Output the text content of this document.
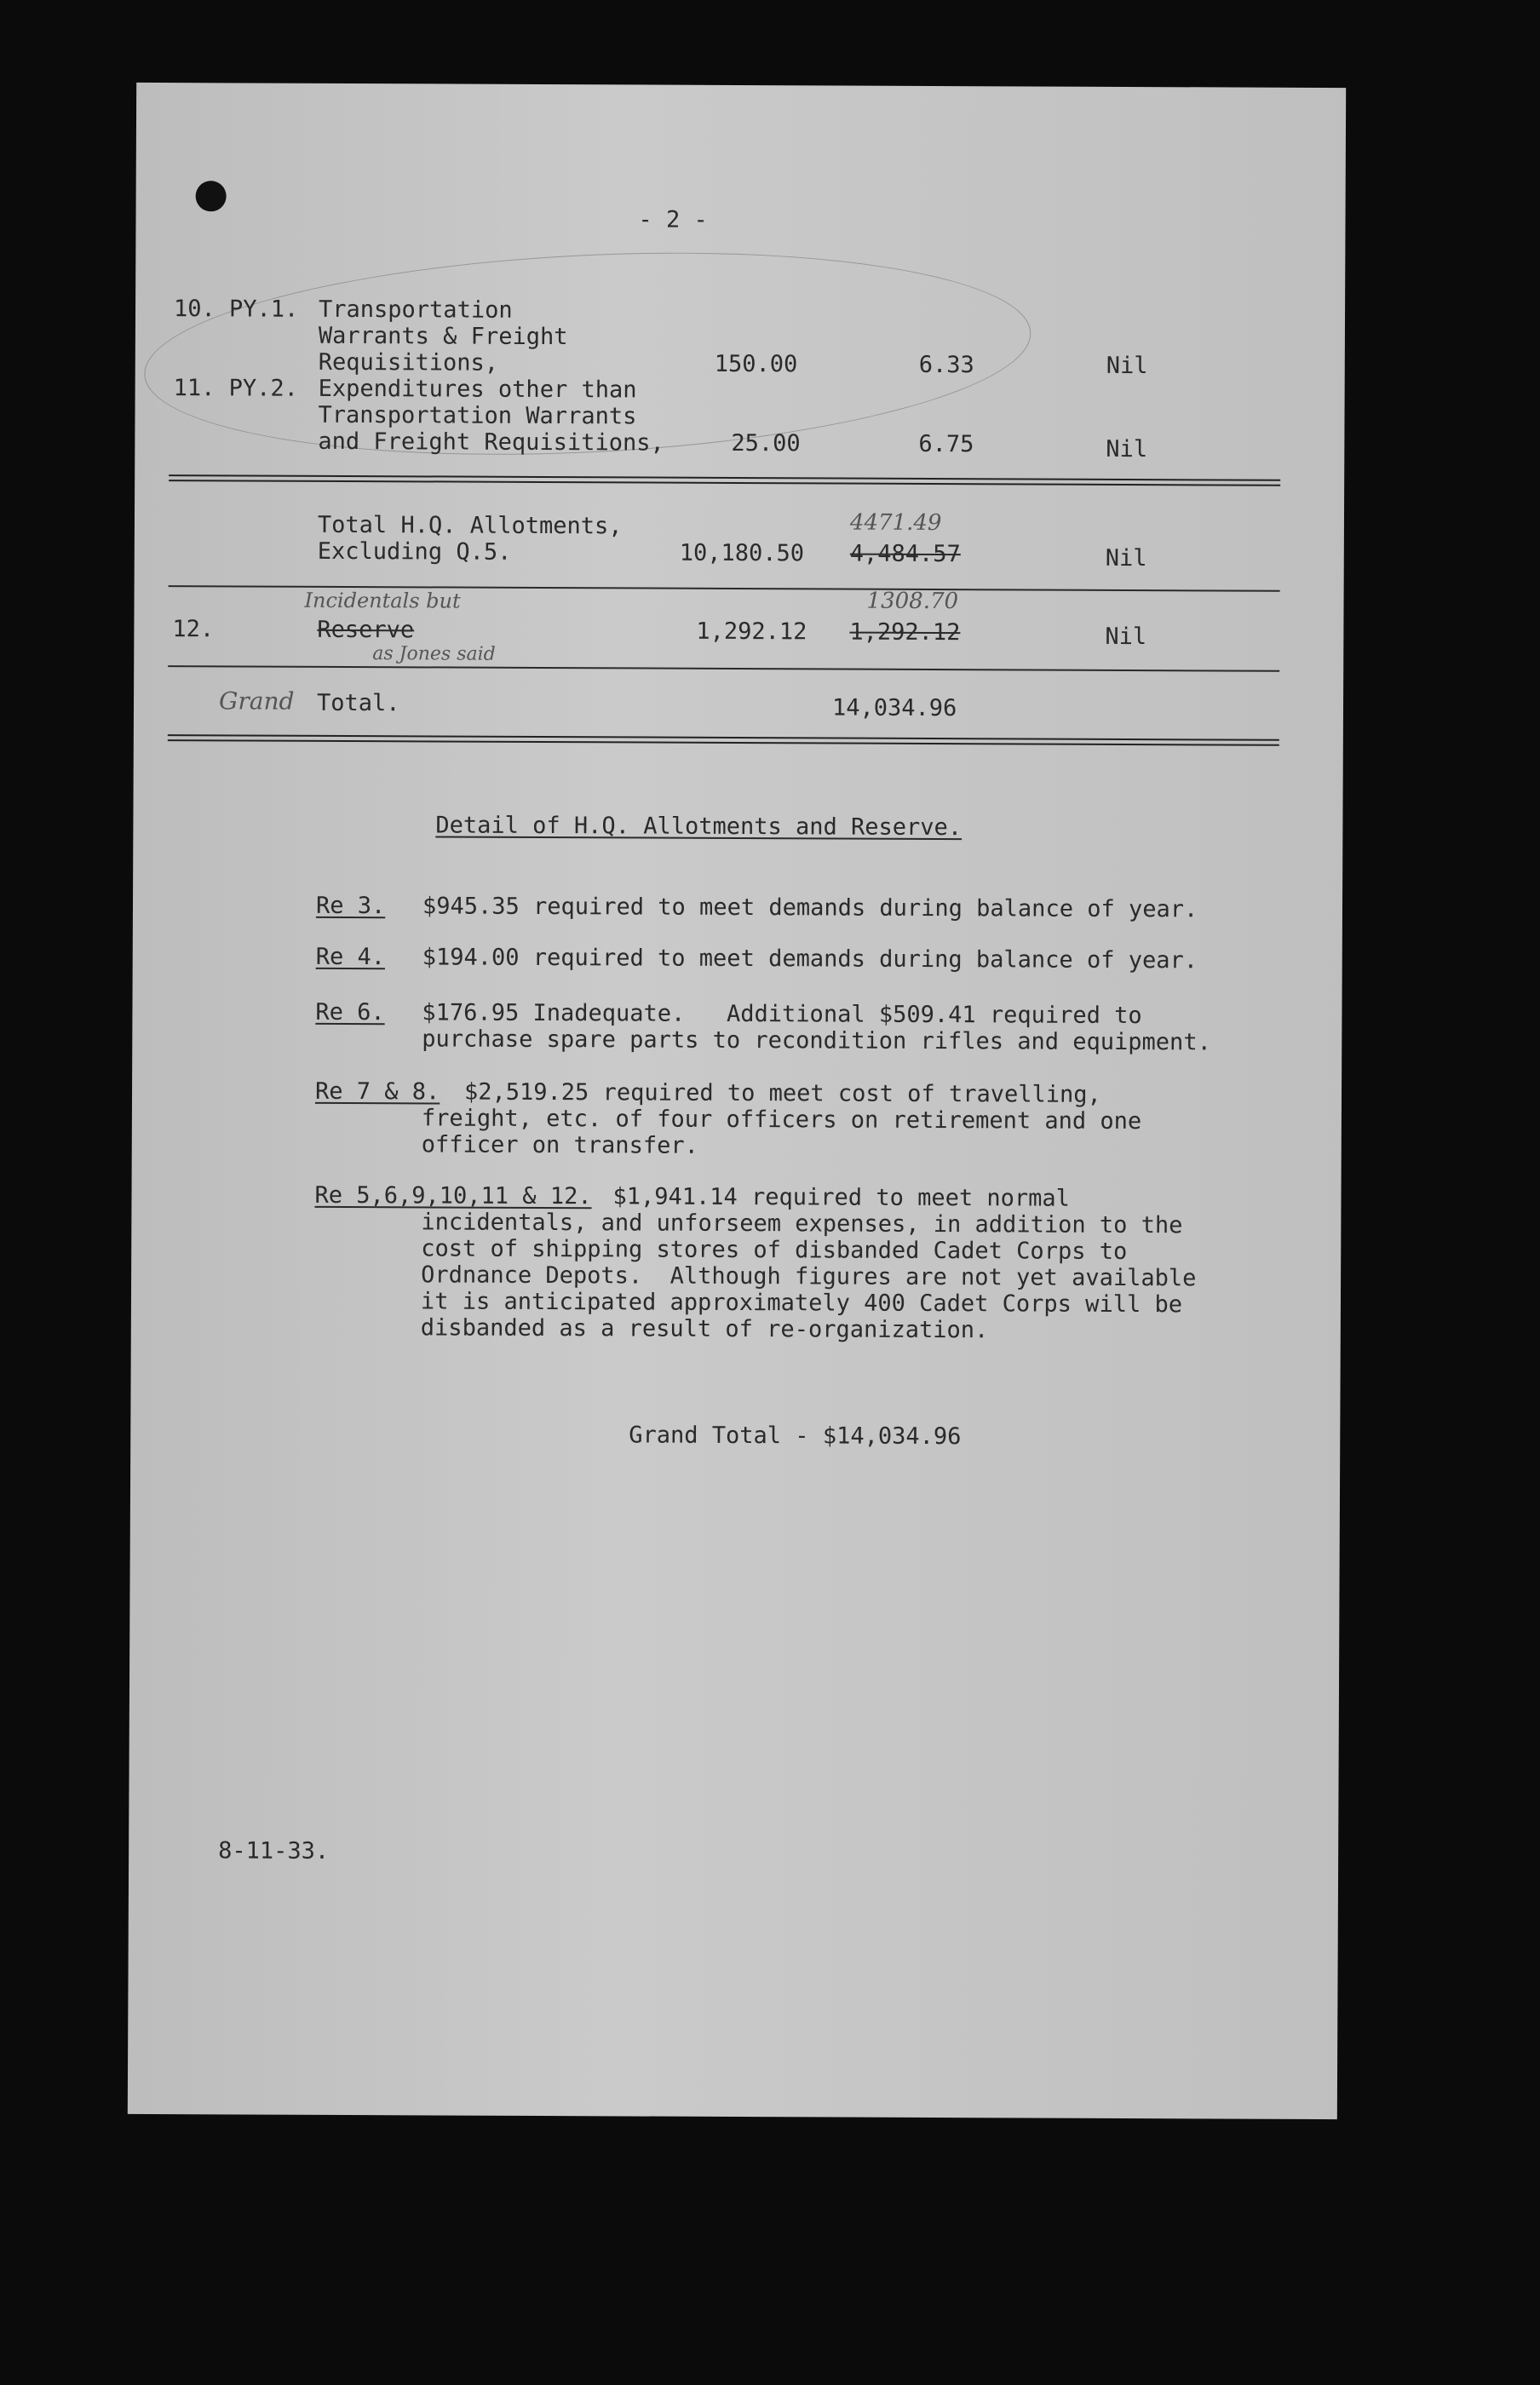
- 2 -
10. PY.1. Transportation
Warrants & Freight
Requisitions,	150.00	6.33	Nil
11. PY.2. Expenditures other than
Transportation Warrants
and Freight Requisitions,	25.00	6.75	Nil
4471.49
Total H.Q. Allotments,
Excluding Q.5.	10,180.50 4,484.57	Nil
Incidentals but	1308.70
12.	Reserve	1,292.12 1,292.12	Nil
as Jones said
Grand Total.	14,034.96
Detail of H.Q. Allotments and Reserve.
Re 3. $945.35 required to meet demands during balance of year.
Re 4. $194.00 required to meet demands during balance of year.
Re 6. $176.95 Inadequate.   Additional $509.41 required to
purchase spare parts to recondition rifles and equipment.
Re 7 & 8. $2,519.25 required to meet cost of travelling,
freight, etc. of four officers on retirement and one
officer on transfer.
Re 5,6,9,10,11 & 12. $1,941.14 required to meet normal
incidentals, and unforseem expenses, in addition to the
cost of shipping stores of disbanded Cadet Corps to
Ordnance Depots.  Although figures are not yet available
it is anticipated approximately 400 Cadet Corps will be
disbanded as a result of re-organization.
Grand Total - $14,034.96
8-11-33.
